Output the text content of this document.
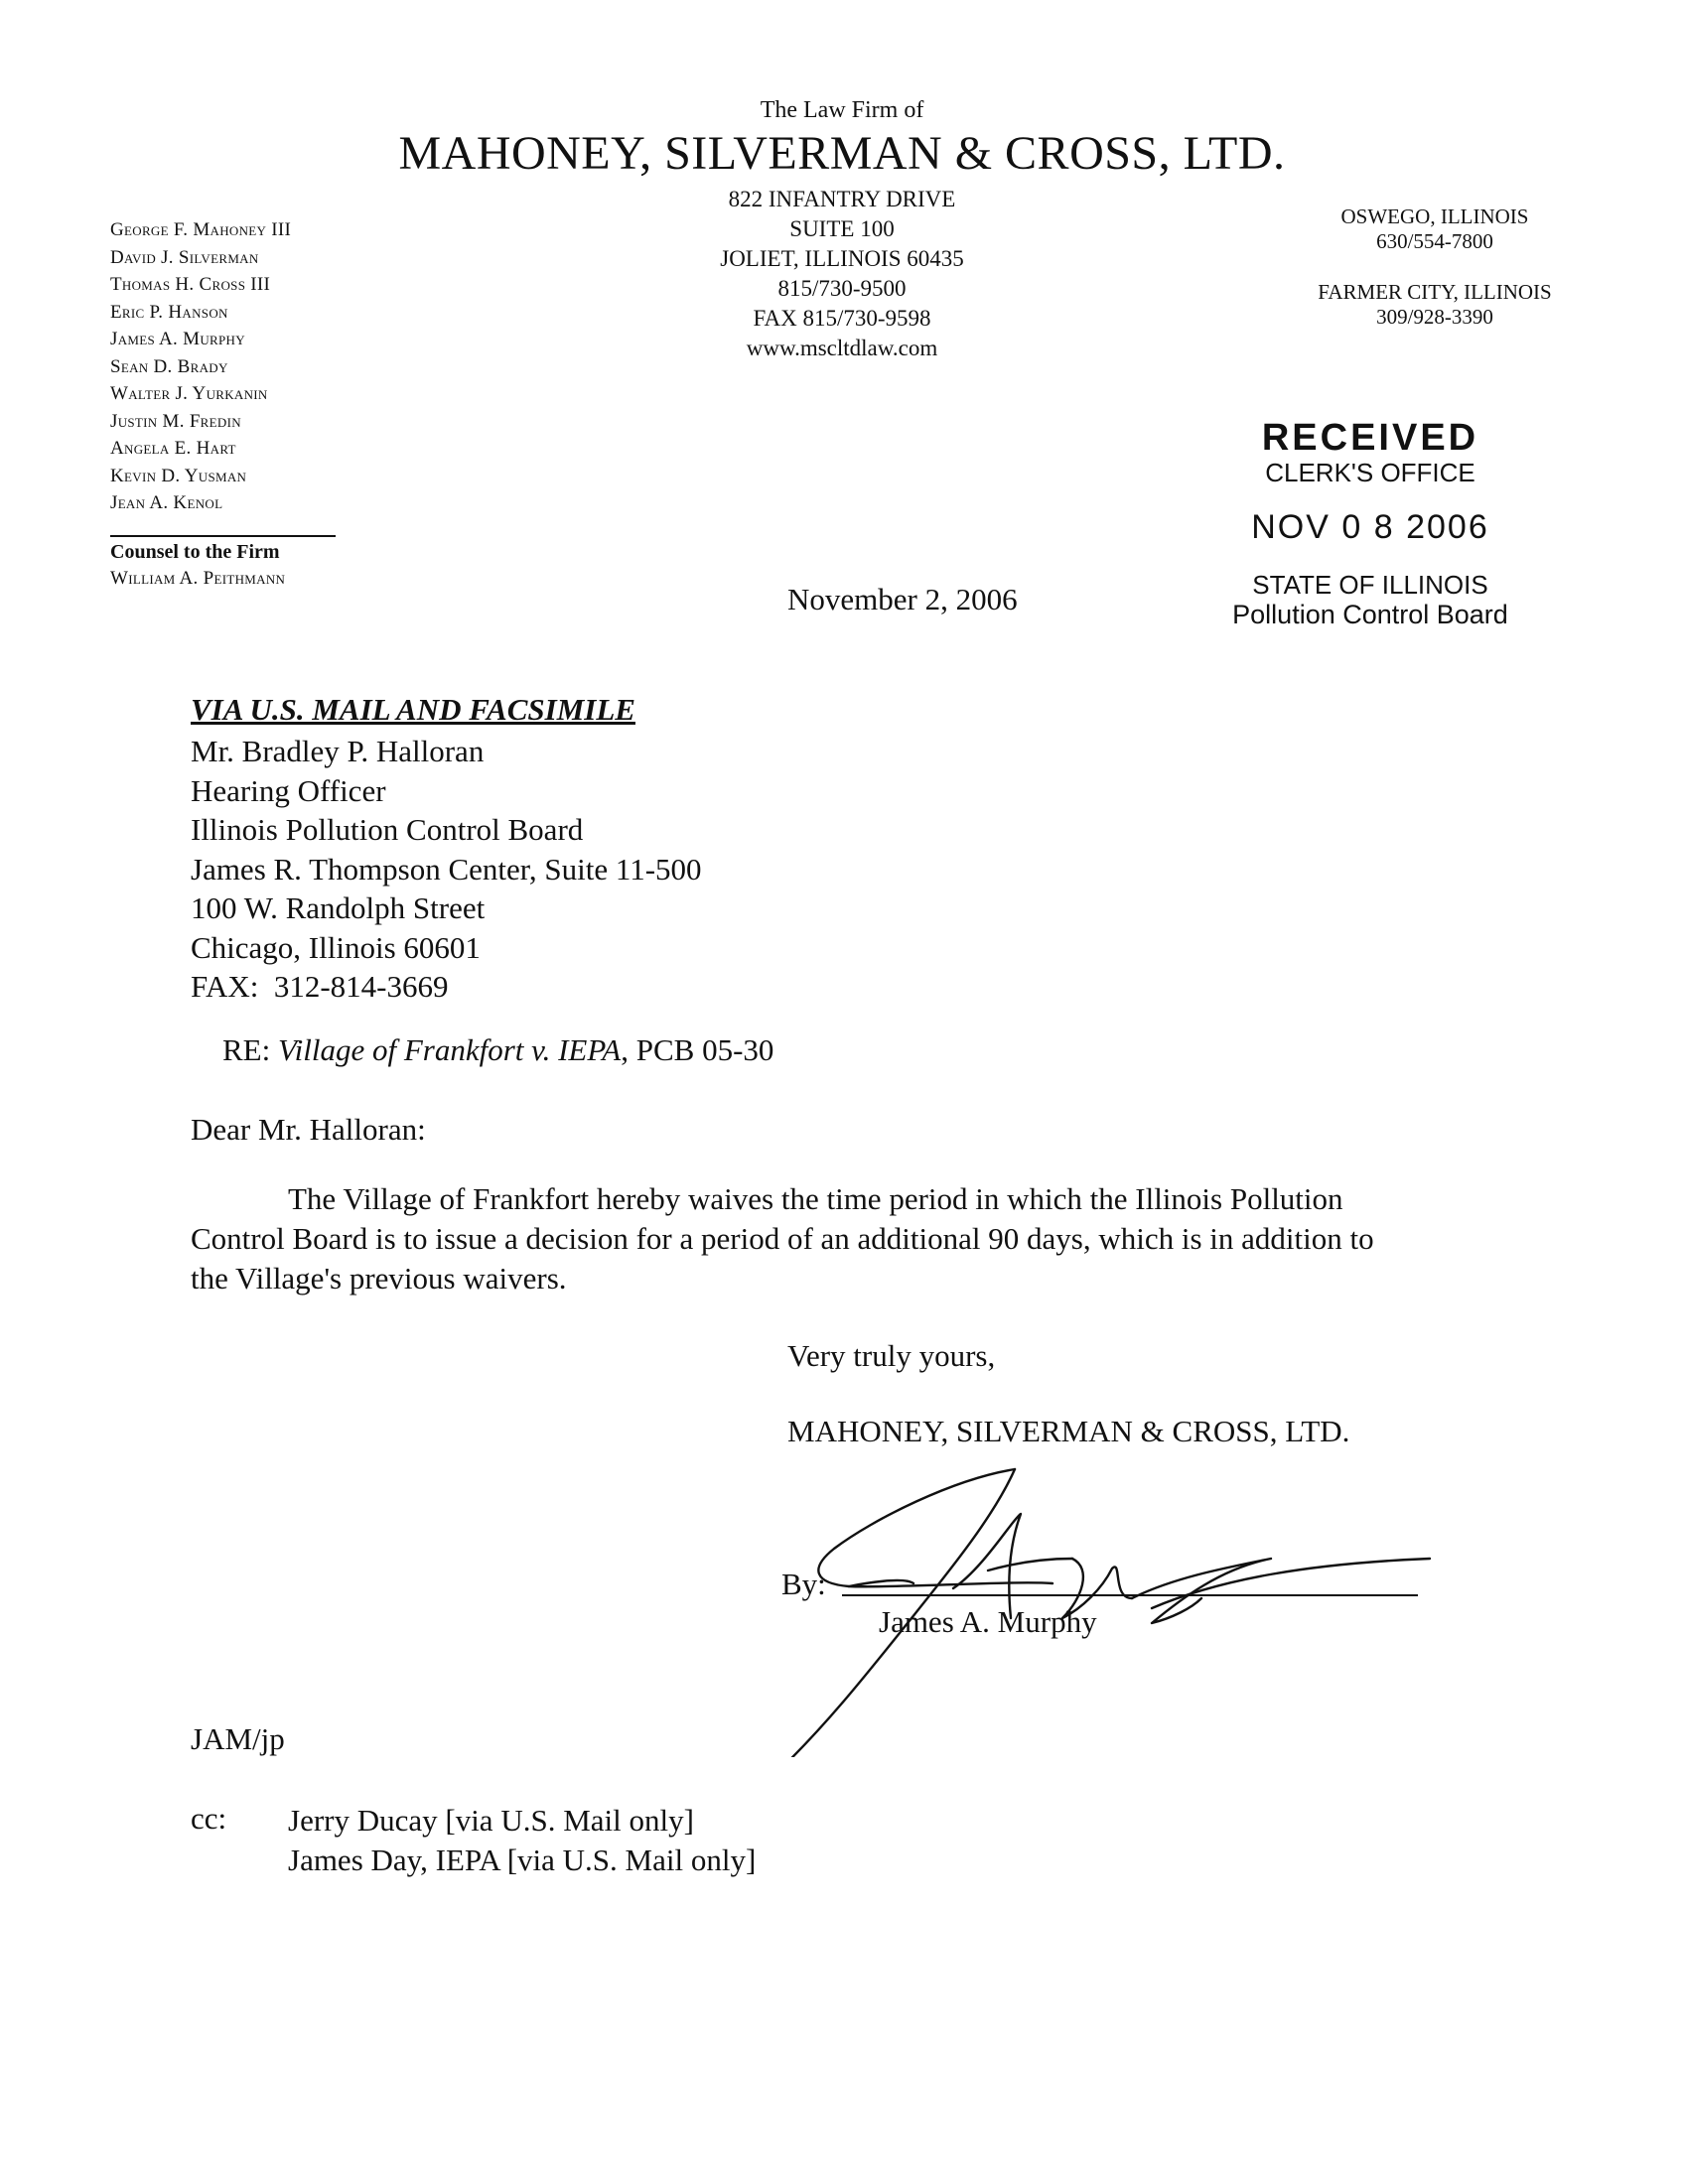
The Law Firm of
MAHONEY, SILVERMAN & CROSS, LTD.
822 INFANTRY DRIVE
SUITE 100
JOLIET, ILLINOIS 60435
815/730-9500
FAX 815/730-9598
www.mscltdlaw.com
George F. Mahoney III
David J. Silverman
Thomas H. Cross III
Eric P. Hanson
James A. Murphy
Sean D. Brady
Walter J. Yurkanin
Justin M. Fredin
Angela E. Hart
Kevin D. Yusman
Jean A. Kenol
Counsel to the Firm
William A. Peithmann
OSWEGO, ILLINOIS
630/554-7800
FARMER CITY, ILLINOIS
309/928-3390
RECEIVED
CLERK'S OFFICE
NOV 0 8 2006
STATE OF ILLINOIS
Pollution Control Board
November 2, 2006
VIA U.S. MAIL AND FACSIMILE
Mr. Bradley P. Halloran
Hearing Officer
Illinois Pollution Control Board
James R. Thompson Center, Suite 11-500
100 W. Randolph Street
Chicago, Illinois 60601
FAX:  312-814-3669
RE: Village of Frankfort v. IEPA, PCB 05-30
Dear Mr. Halloran:
The Village of Frankfort hereby waives the time period in which the Illinois Pollution
Control Board is to issue a decision for a period of an additional 90 days, which is in addition to
the Village's previous waivers.
Very truly yours,
MAHONEY, SILVERMAN & CROSS, LTD.
By:
James A. Murphy
JAM/jp
cc: Jerry Ducay [via U.S. Mail only]
James Day, IEPA [via U.S. Mail only]
